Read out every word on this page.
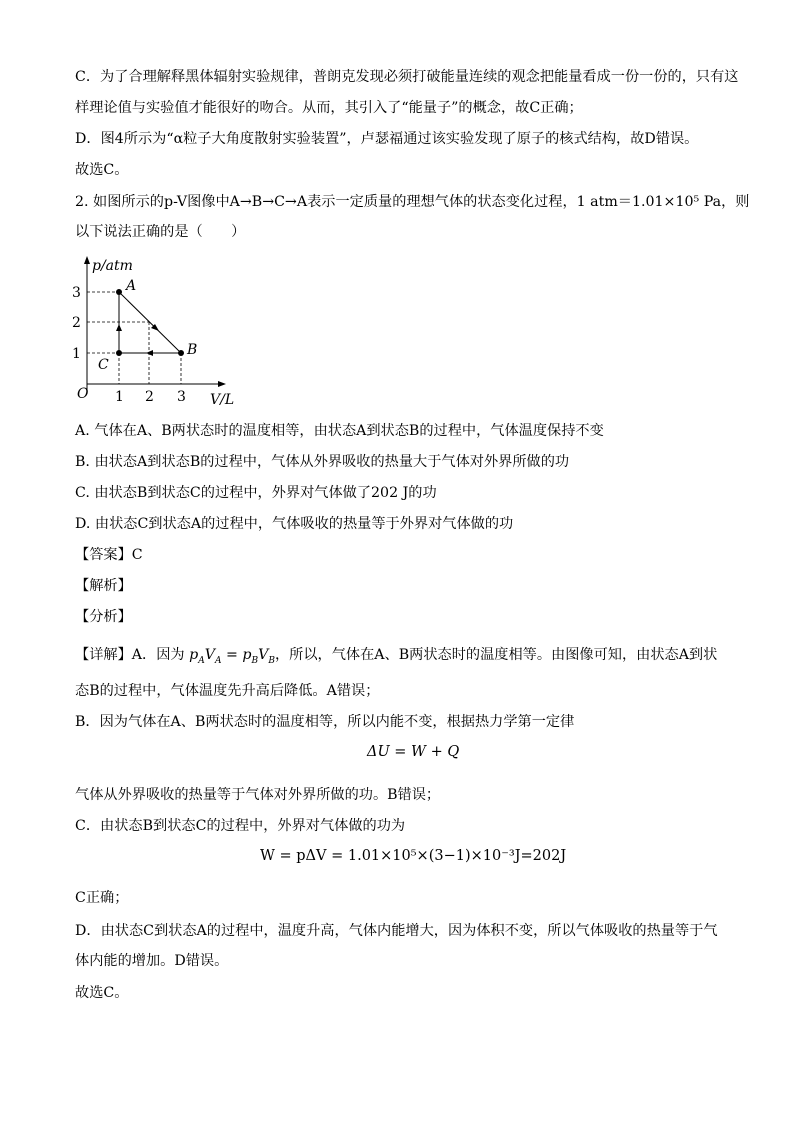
C．为了合理解释黑体辐射实验规律，普朗克发现必须打破能量连续的观念把能量看成一份一份的，只有这
样理论值与实验值才能很好的吻合。从而，其引入了“能量子”的概念，故C正确；
D．图4所示为“α粒子大角度散射实验装置”，卢瑟福通过该实验发现了原子的核式结构，故D错误。
故选C。
2. 如图所示的p-V图像中A→B→C→A表示一定质量的理想气体的状态变化过程，1 atm＝1.01×10⁵ Pa，则
以下说法正确的是（　　）
p/atm
V/L
O
3
2
1
1 2 3
A
B
C
A. 气体在A、B两状态时的温度相等，由状态A到状态B的过程中，气体温度保持不变
B. 由状态A到状态B的过程中，气体从外界吸收的热量大于气体对外界所做的功
C. 由状态B到状态C的过程中，外界对气体做了202 J的功
D. 由状态C到状态A的过程中，气体吸收的热量等于外界对气体做的功
【答案】C
【解析】
【分析】
【详解】A．因为 $p_AV_A = p_BV_B$，所以，气体在A、B两状态时的温度相等。由图像可知，由状态A到状
态B的过程中，气体温度先升高后降低。A错误；
B．因为气体在A、B两状态时的温度相等，所以内能不变，根据热力学第一定律
ΔU = W + Q
气体从外界吸收的热量等于气体对外界所做的功。B错误；
C．由状态B到状态C的过程中，外界对气体做的功为
W = pΔV = 1.01×10⁵×(3−1)×10⁻³J=202J
C正确；
D．由状态C到状态A的过程中，温度升高，气体内能增大，因为体积不变，所以气体吸收的热量等于气
体内能的增加。D错误。
故选C。
